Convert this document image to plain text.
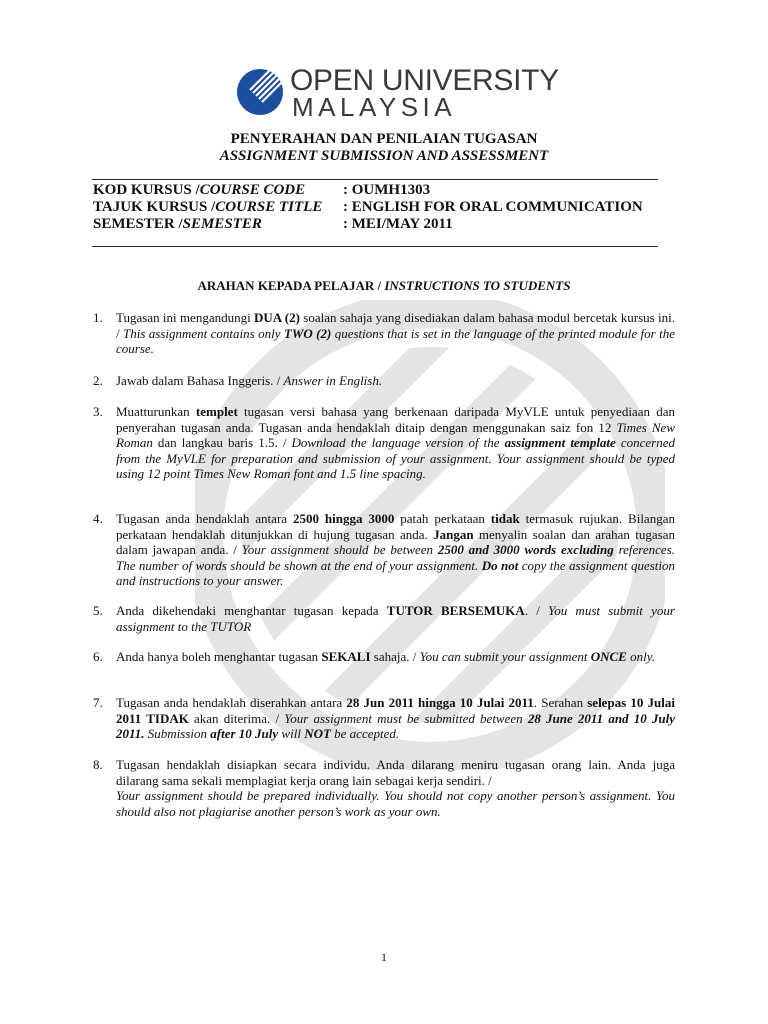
OPEN UNIVERSITY
MALAYSIA
PENYERAHAN DAN PENILAIAN TUGASAN
ASSIGNMENT SUBMISSION AND ASSESSMENT
KOD KURSUS /COURSE CODE	: OUMH1303
TAJUK KURSUS /COURSE TITLE : ENGLISH FOR ORAL COMMUNICATION
SEMESTER /SEMESTER	: MEI/MAY 2011
ARAHAN KEPADA PELAJAR / INSTRUCTIONS TO STUDENTS
1. Tugasan ini mengandungi DUA (2) soalan sahaja yang disediakan dalam bahasa modul bercetak kursus ini. / This assignment contains only TWO (2) questions that is set in the language of the printed module for the course.
2. Jawab dalam Bahasa Inggeris. / Answer in English.
3. Muatturunkan templet tugasan versi bahasa yang berkenaan daripada MyVLE untuk penyediaan dan penyerahan tugasan anda. Tugasan anda hendaklah ditaip dengan menggunakan saiz fon 12 Times New Roman dan langkau baris 1.5. / Download the language version of the assignment template concerned from the MyVLE for preparation and submission of your assignment. Your assignment should be typed using 12 point Times New Roman font and 1.5 line spacing.
4. Tugasan anda hendaklah antara 2500 hingga 3000 patah perkataan tidak termasuk rujukan. Bilangan perkataan hendaklah ditunjukkan di hujung tugasan anda. Jangan menyalin soalan dan arahan tugasan dalam jawapan anda. / Your assignment should be between 2500 and 3000 words excluding references. The number of words should be shown at the end of your assignment. Do not copy the assignment question and instructions to your answer.
5. Anda dikehendaki menghantar tugasan kepada TUTOR BERSEMUKA. / You must submit your assignment to the TUTOR
6. Anda hanya boleh menghantar tugasan SEKALI sahaja. / You can submit your assignment ONCE only.
7. Tugasan anda hendaklah diserahkan antara 28 Jun 2011 hingga 10 Julai 2011. Serahan selepas 10 Julai 2011 TIDAK akan diterima. / Your assignment must be submitted between 28 June 2011 and 10 July 2011. Submission after 10 July will NOT be accepted.
8. Tugasan hendaklah disiapkan secara individu. Anda dilarang meniru tugasan orang lain. Anda juga dilarang sama sekali memplagiat kerja orang lain sebagai kerja sendiri. /
Your assignment should be prepared individually. You should not copy another person’s assignment. You should also not plagiarise another person’s work as your own.
1
